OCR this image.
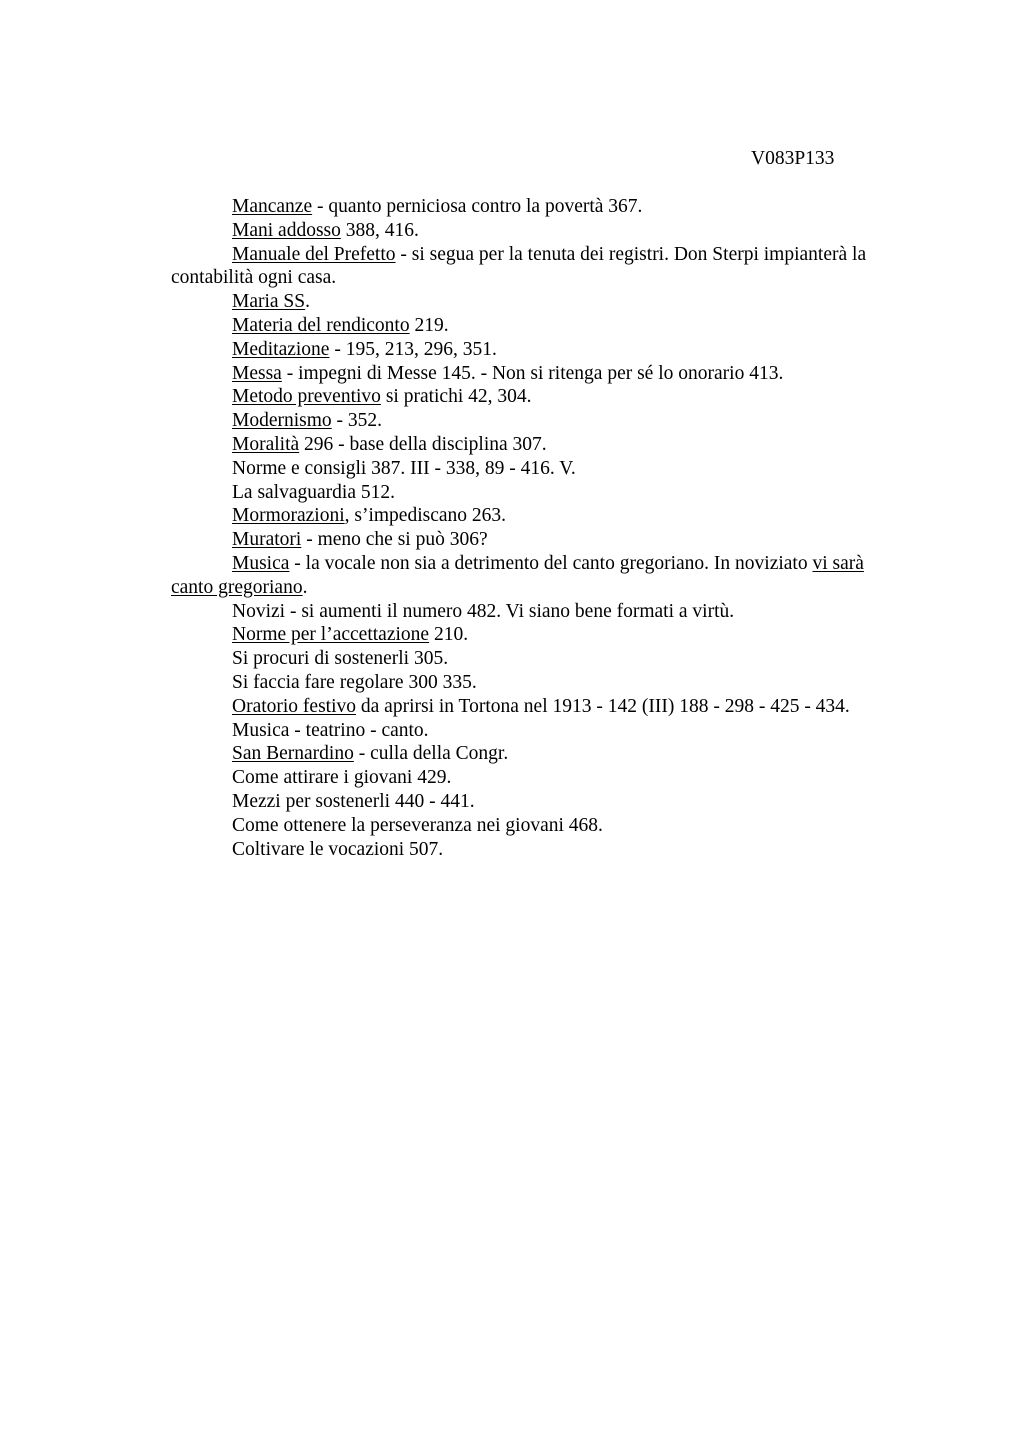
V083P133

Mancanze - quanto perniciosa contro la povertà 367.

Mani addosso 388, 416.

Manuale del Prefetto - si segua per la tenuta dei registri. Don Sterpi impianterà la contabilità ogni casa.

Maria SS.

Materia del rendiconto 219.

Meditazione - 195, 213, 296, 351.

Messa - impegni di Messe 145. - Non si ritenga per sé lo onorario 413.

Metodo preventivo si pratichi 42, 304.

Modernismo - 352.

Moralità 296 - base della disciplina 307.

Norme e consigli 387. III - 338, 89 - 416. V.

La salvaguardia 512.

Mormorazioni, s’impediscano 263.

Muratori - meno che si può 306?

Musica - la vocale non sia a detrimento del canto gregoriano. In noviziato vi sarà canto gregoriano.

Novizi - si aumenti il numero 482. Vi siano bene formati a virtù.

Norme per l’accettazione 210.

Si procuri di sostenerli 305.

Si faccia fare regolare 300 335.

Oratorio festivo da aprirsi in Tortona nel 1913 - 142 (III) 188 - 298 - 425 - 434.

Musica - teatrino - canto.

San Bernardino - culla della Congr.

Come attirare i giovani 429.

Mezzi per sostenerli 440 - 441.

Come ottenere la perseveranza nei giovani 468.

Coltivare le vocazioni 507.
